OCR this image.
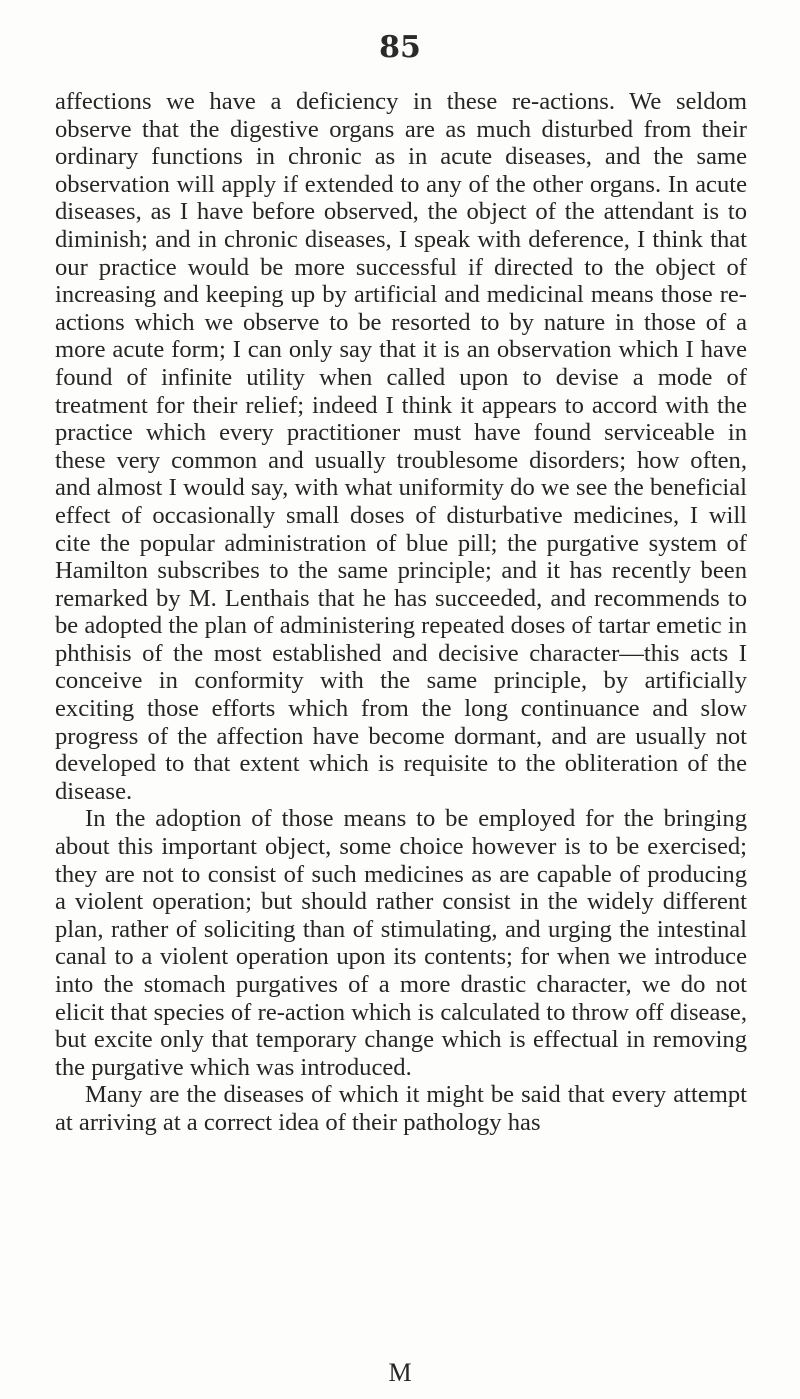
85

affections we have a deficiency in these re-actions. We seldom observe that the digestive organs are as much disturbed from their ordinary functions in chronic as in acute diseases, and the same observation will apply if extended to any of the other organs. In acute diseases, as I have before observed, the object of the attendant is to diminish; and in chronic diseases, I speak with deference, I think that our practice would be more successful if directed to the object of increasing and keeping up by artificial and medicinal means those re-actions which we observe to be resorted to by nature in those of a more acute form; I can only say that it is an observation which I have found of infinite utility when called upon to devise a mode of treatment for their relief; indeed I think it appears to accord with the practice which every practitioner must have found serviceable in these very common and usually troublesome disorders; how often, and almost I would say, with what uniformity do we see the beneficial effect of occasionally small doses of disturbative medicines, I will cite the popular administration of blue pill; the purgative system of Hamilton subscribes to the same principle; and it has recently been remarked by M. Lenthais that he has succeeded, and recommends to be adopted the plan of administering repeated doses of tartar emetic in phthisis of the most established and decisive character—this acts I conceive in conformity with the same principle, by artificially exciting those efforts which from the long continuance and slow progress of the affection have become dormant, and are usually not developed to that extent which is requisite to the obliteration of the disease.

In the adoption of those means to be employed for the bringing about this important object, some choice however is to be exercised; they are not to consist of such medicines as are capable of producing a violent operation; but should rather consist in the widely different plan, rather of soliciting than of stimulating, and urging the intestinal canal to a violent operation upon its contents; for when we introduce into the stomach purgatives of a more drastic character, we do not elicit that species of re-action which is calculated to throw off disease, but excite only that temporary change which is effectual in removing the purgative which was introduced.

Many are the diseases of which it might be said that every attempt at arriving at a correct idea of their pathology has

M
